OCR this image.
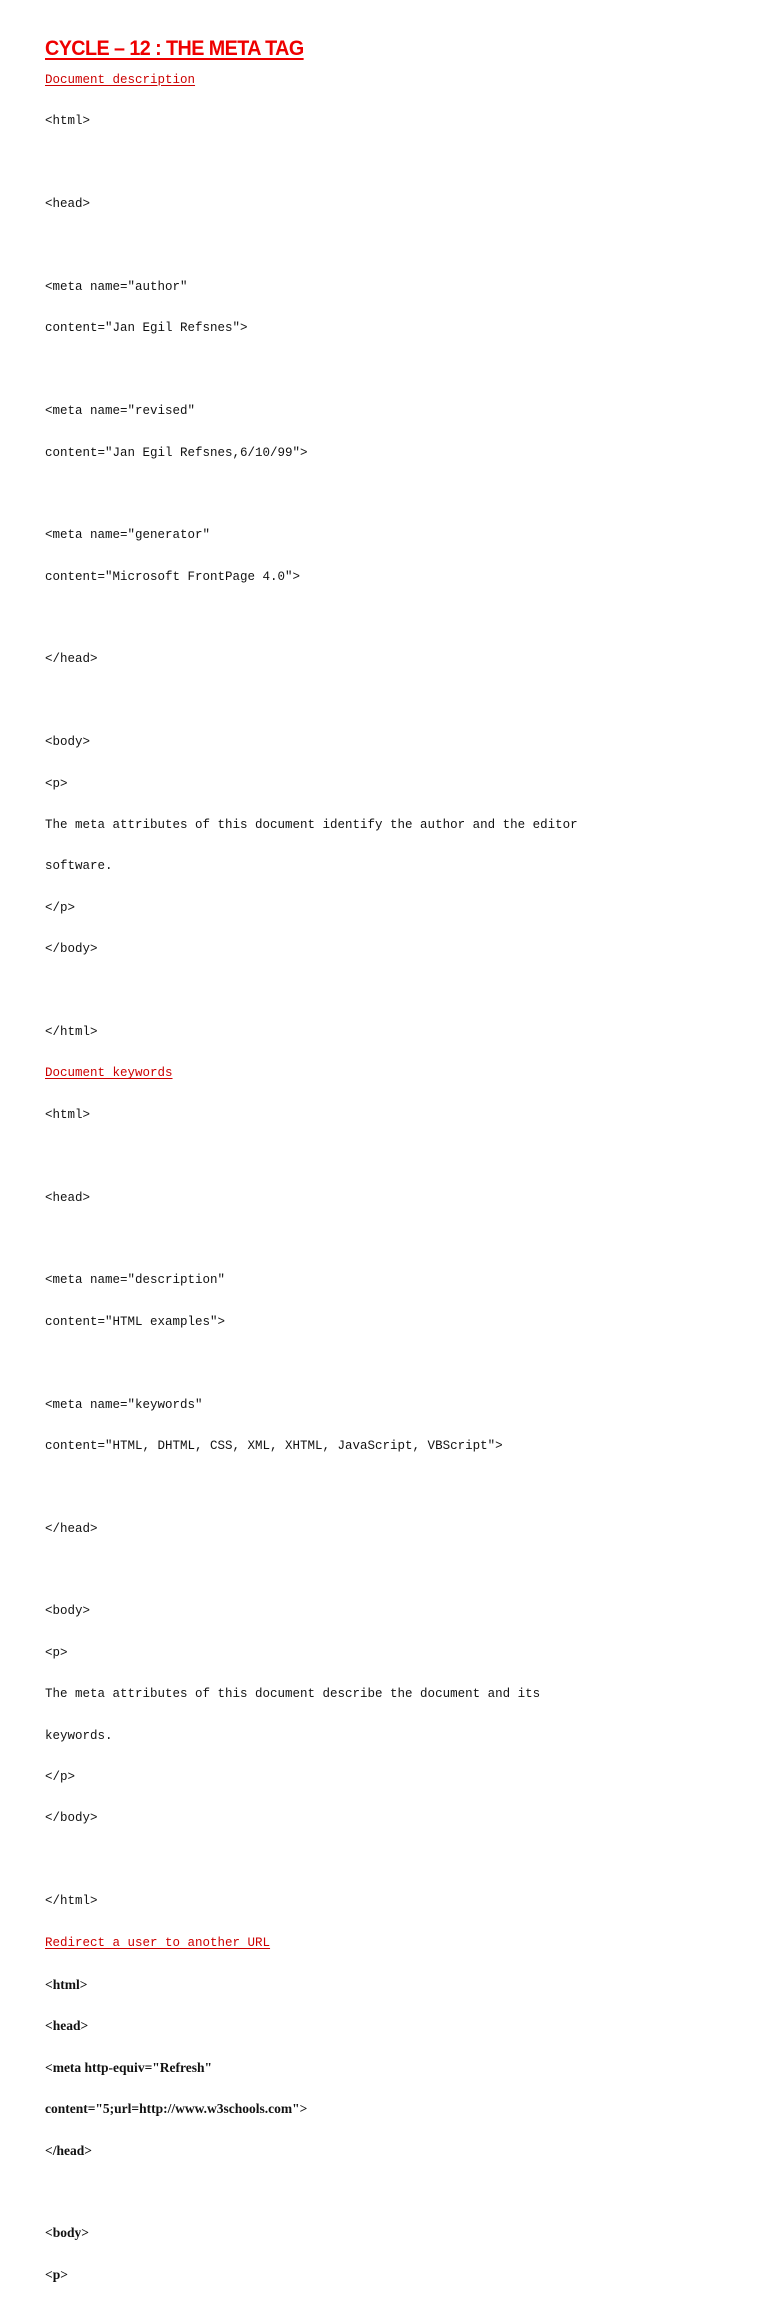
CYCLE – 12 : THE META TAG
Document description

<html>

<head>

<meta name="author"

content="Jan Egil Refsnes">

<meta name="revised"

content="Jan Egil Refsnes,6/10/99">

<meta name="generator"

content="Microsoft FrontPage 4.0">

</head>

<body>

<p>

The meta attributes of this document identify the author and the editor

software.

</p>

</body>

</html>

Document keywords

<html>

<head>

<meta name="description"

content="HTML examples">

<meta name="keywords"

content="HTML, DHTML, CSS, XML, XHTML, JavaScript, VBScript">

</head>

<body>

<p>

The meta attributes of this document describe the document and its

keywords.

</p>

</body>

</html>

Redirect a user to another URL

<html>

<head>

<meta http-equiv="Refresh"

content="5;url=http://www.w3schools.com">

</head>

<body>

<p>
